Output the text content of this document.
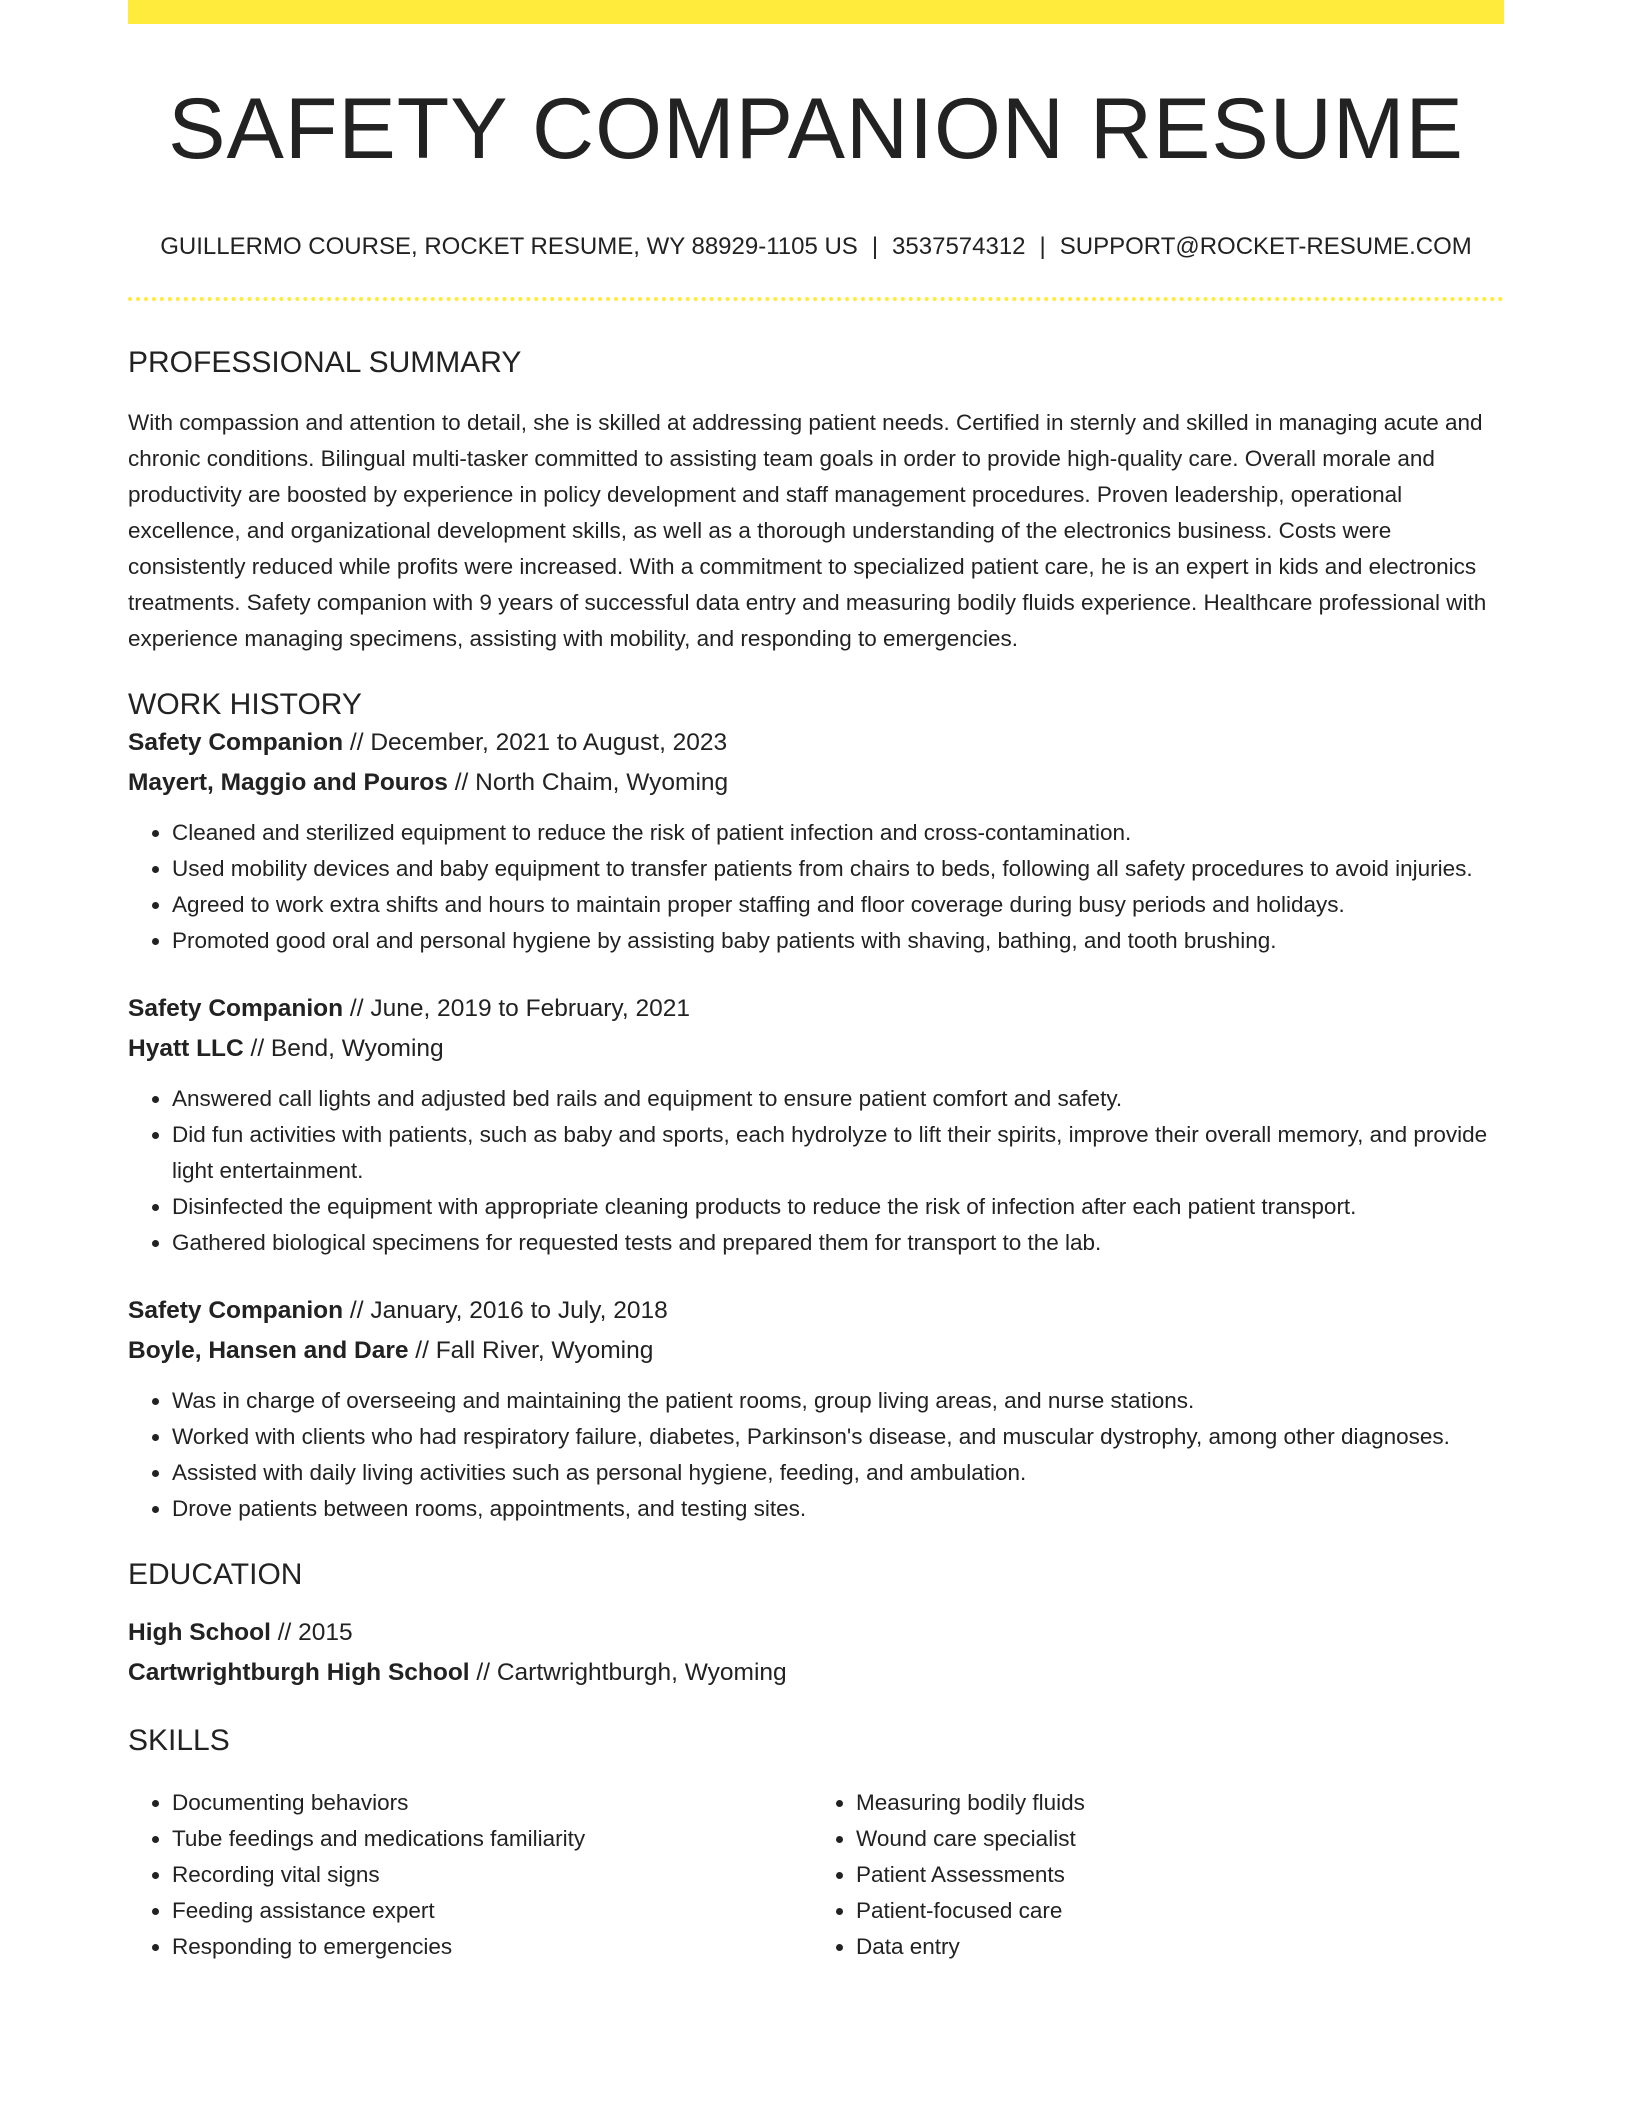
SAFETY COMPANION RESUME
GUILLERMO COURSE, ROCKET RESUME, WY 88929-1105 US | 3537574312 | SUPPORT@ROCKET-RESUME.COM
PROFESSIONAL SUMMARY
With compassion and attention to detail, she is skilled at addressing patient needs. Certified in sternly and skilled in managing acute and chronic conditions. Bilingual multi-tasker committed to assisting team goals in order to provide high-quality care. Overall morale and productivity are boosted by experience in policy development and staff management procedures. Proven leadership, operational excellence, and organizational development skills, as well as a thorough understanding of the electronics business. Costs were consistently reduced while profits were increased. With a commitment to specialized patient care, he is an expert in kids and electronics treatments. Safety companion with 9 years of successful data entry and measuring bodily fluids experience. Healthcare professional with experience managing specimens, assisting with mobility, and responding to emergencies.
WORK HISTORY
Safety Companion // December, 2021 to August, 2023
Mayert, Maggio and Pouros // North Chaim, Wyoming
• Cleaned and sterilized equipment to reduce the risk of patient infection and cross-contamination.
• Used mobility devices and baby equipment to transfer patients from chairs to beds, following all safety procedures to avoid injuries.
• Agreed to work extra shifts and hours to maintain proper staffing and floor coverage during busy periods and holidays.
• Promoted good oral and personal hygiene by assisting baby patients with shaving, bathing, and tooth brushing.
Safety Companion // June, 2019 to February, 2021
Hyatt LLC // Bend, Wyoming
• Answered call lights and adjusted bed rails and equipment to ensure patient comfort and safety.
• Did fun activities with patients, such as baby and sports, each hydrolyze to lift their spirits, improve their overall memory, and provide light entertainment.
• Disinfected the equipment with appropriate cleaning products to reduce the risk of infection after each patient transport.
• Gathered biological specimens for requested tests and prepared them for transport to the lab.
Safety Companion // January, 2016 to July, 2018
Boyle, Hansen and Dare // Fall River, Wyoming
• Was in charge of overseeing and maintaining the patient rooms, group living areas, and nurse stations.
• Worked with clients who had respiratory failure, diabetes, Parkinson's disease, and muscular dystrophy, among other diagnoses.
• Assisted with daily living activities such as personal hygiene, feeding, and ambulation.
• Drove patients between rooms, appointments, and testing sites.
EDUCATION
High School // 2015
Cartwrightburgh High School // Cartwrightburgh, Wyoming
SKILLS
• Documenting behaviors
• Tube feedings and medications familiarity
• Recording vital signs
• Feeding assistance expert
• Responding to emergencies
• Measuring bodily fluids
• Wound care specialist
• Patient Assessments
• Patient-focused care
• Data entry
